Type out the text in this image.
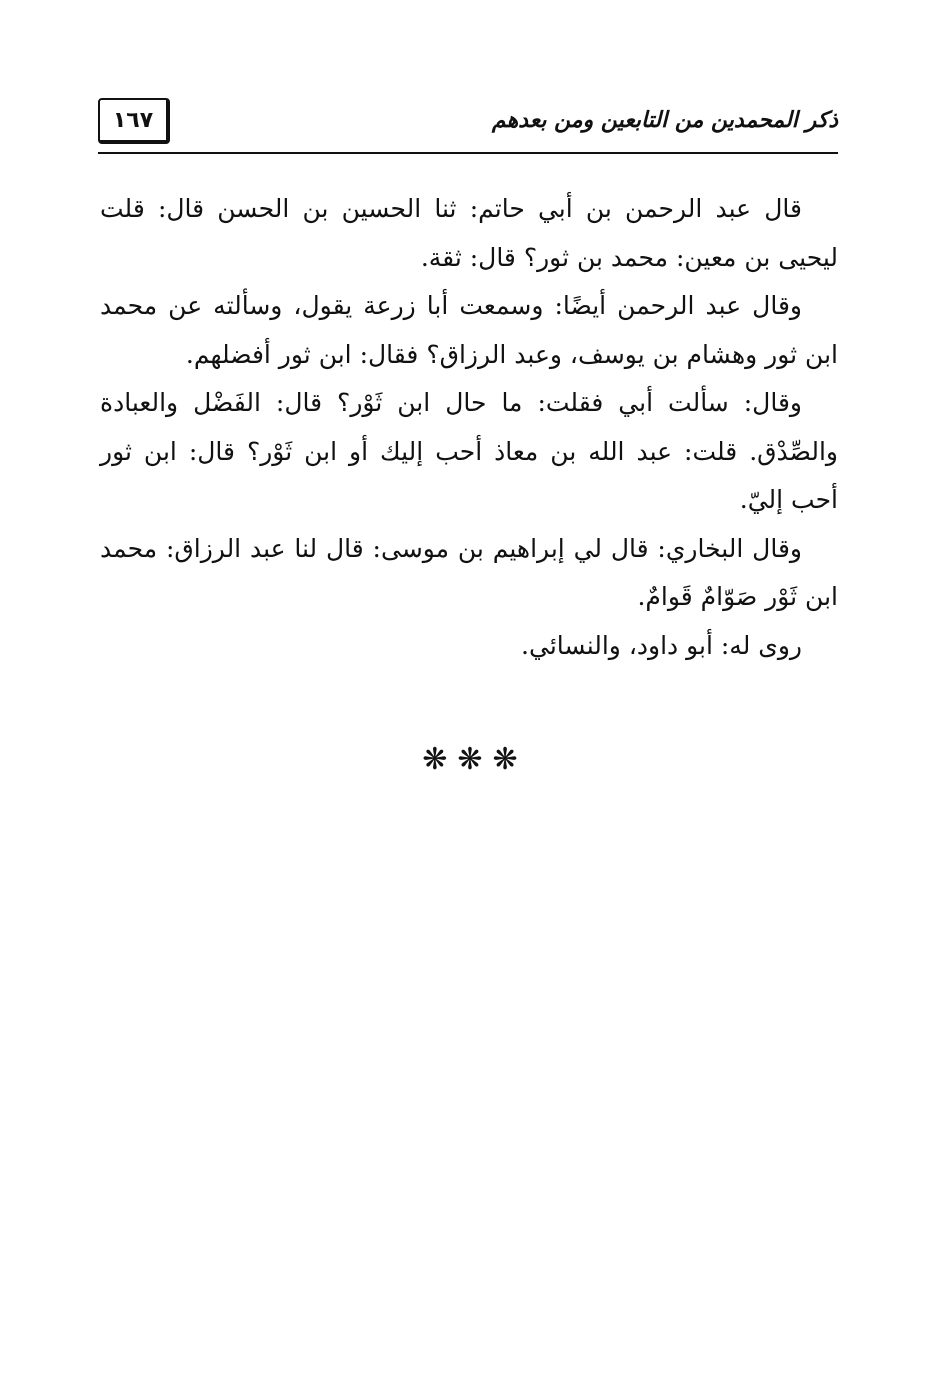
١٦٧	ذكر المحمدين من التابعين ومن بعدهم

قال عبد الرحمن بن أبي حاتم: ثنا الحسين بن الحسن قال: قلت ليحيى بن معين: محمد بن ثور؟ قال: ثقة.

وقال عبد الرحمن أيضًا: وسمعت أبا زرعة يقول، وسألته عن محمد ابن ثور وهشام بن يوسف، وعبد الرزاق؟ فقال: ابن ثور أفضلهم.

وقال: سألت أبي فقلت: ما حال ابن ثَوْر؟ قال: الفَضْل والعبادة والصِّدْق. قلت: عبد الله بن معاذ أحب إليك أو ابن ثَوْر؟ قال: ابن ثور أحب إليّ.

وقال البخاري: قال لي إبراهيم بن موسى: قال لنا عبد الرزاق: محمد ابن ثَوْر صَوّامٌ قَوامٌ.

روى له: أبو داود، والنسائي.

❋❋❋
